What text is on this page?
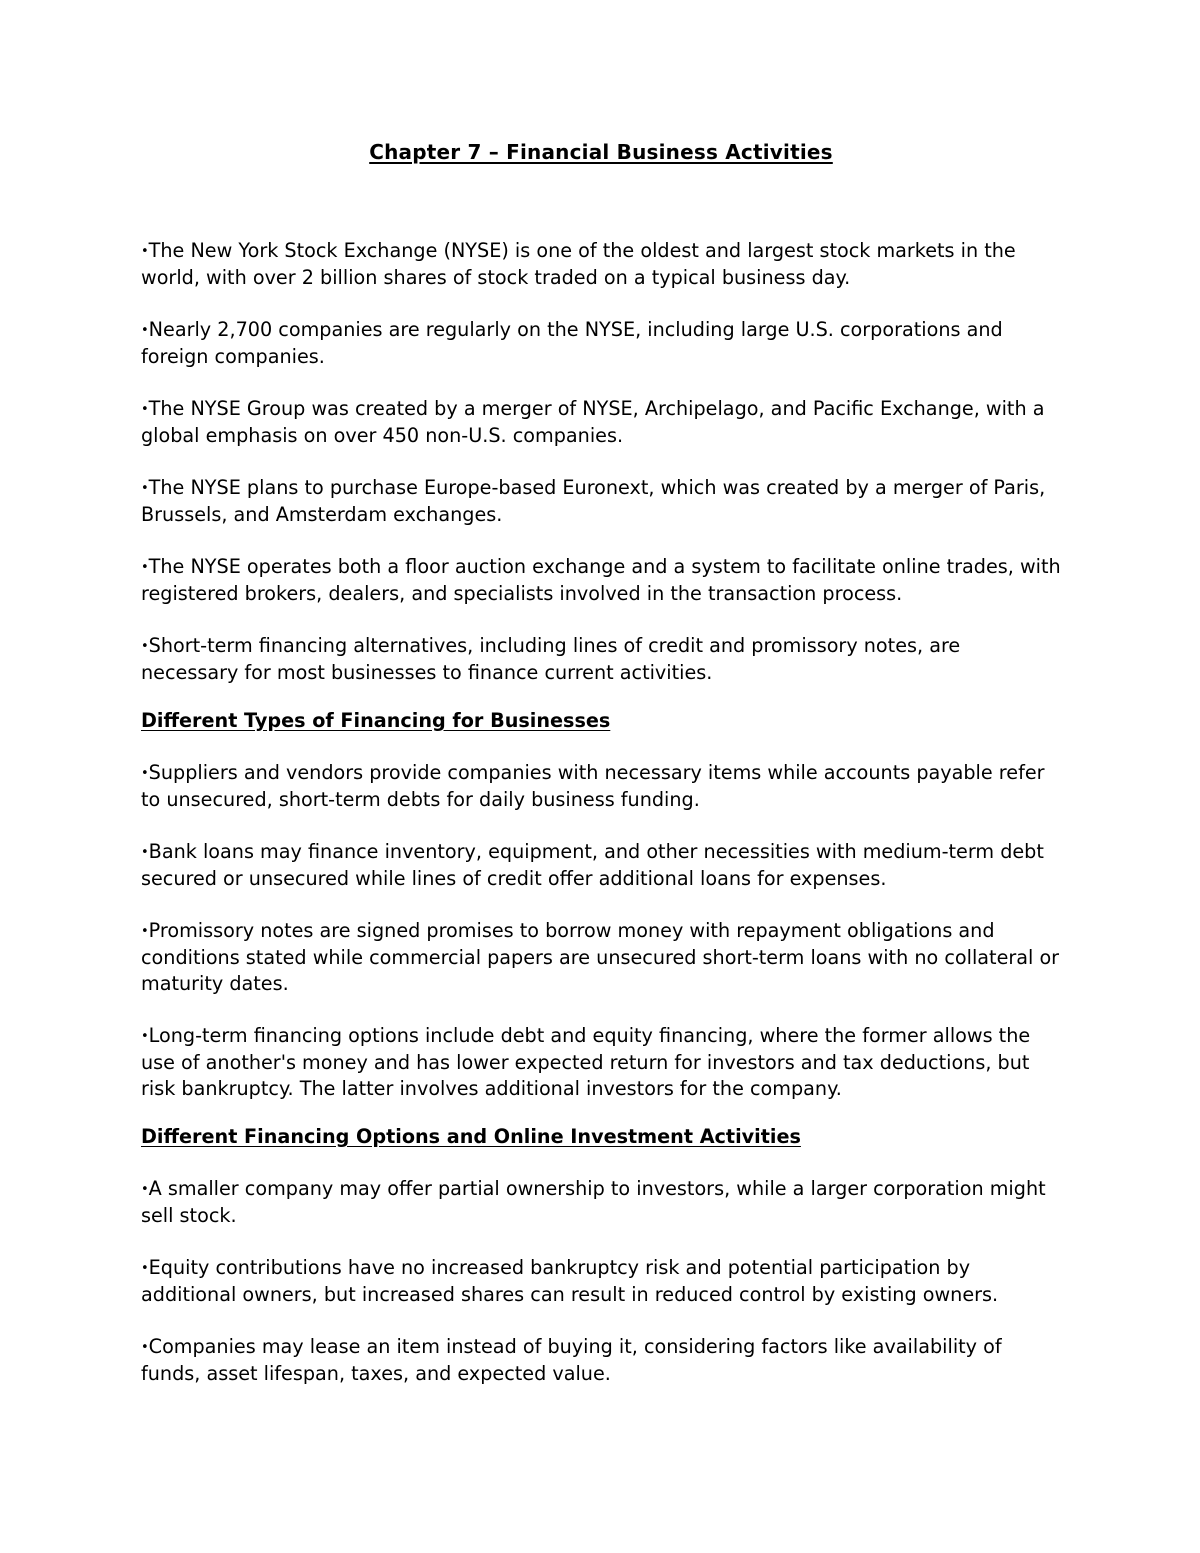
Chapter 7 – Financial Business Activities

•The New York Stock Exchange (NYSE) is one of the oldest and largest stock markets in the world, with over 2 billion shares of stock traded on a typical business day.

•Nearly 2,700 companies are regularly on the NYSE, including large U.S. corporations and foreign companies.

•The NYSE Group was created by a merger of NYSE, Archipelago, and Pacific Exchange, with a global emphasis on over 450 non-U.S. companies.

•The NYSE plans to purchase Europe-based Euronext, which was created by a merger of Paris, Brussels, and Amsterdam exchanges.

•The NYSE operates both a floor auction exchange and a system to facilitate online trades, with registered brokers, dealers, and specialists involved in the transaction process.

•Short-term financing alternatives, including lines of credit and promissory notes, are necessary for most businesses to finance current activities.

Different Types of Financing for Businesses

•Suppliers and vendors provide companies with necessary items while accounts payable refer to unsecured, short-term debts for daily business funding.

•Bank loans may finance inventory, equipment, and other necessities with medium-term debt secured or unsecured while lines of credit offer additional loans for expenses.

•Promissory notes are signed promises to borrow money with repayment obligations and conditions stated while commercial papers are unsecured short-term loans with no collateral or maturity dates.

•Long-term financing options include debt and equity financing, where the former allows the use of another's money and has lower expected return for investors and tax deductions, but risk bankruptcy. The latter involves additional investors for the company.

Different Financing Options and Online Investment Activities

•A smaller company may offer partial ownership to investors, while a larger corporation might sell stock.

•Equity contributions have no increased bankruptcy risk and potential participation by additional owners, but increased shares can result in reduced control by existing owners.

•Companies may lease an item instead of buying it, considering factors like availability of funds, asset lifespan, taxes, and expected value.
